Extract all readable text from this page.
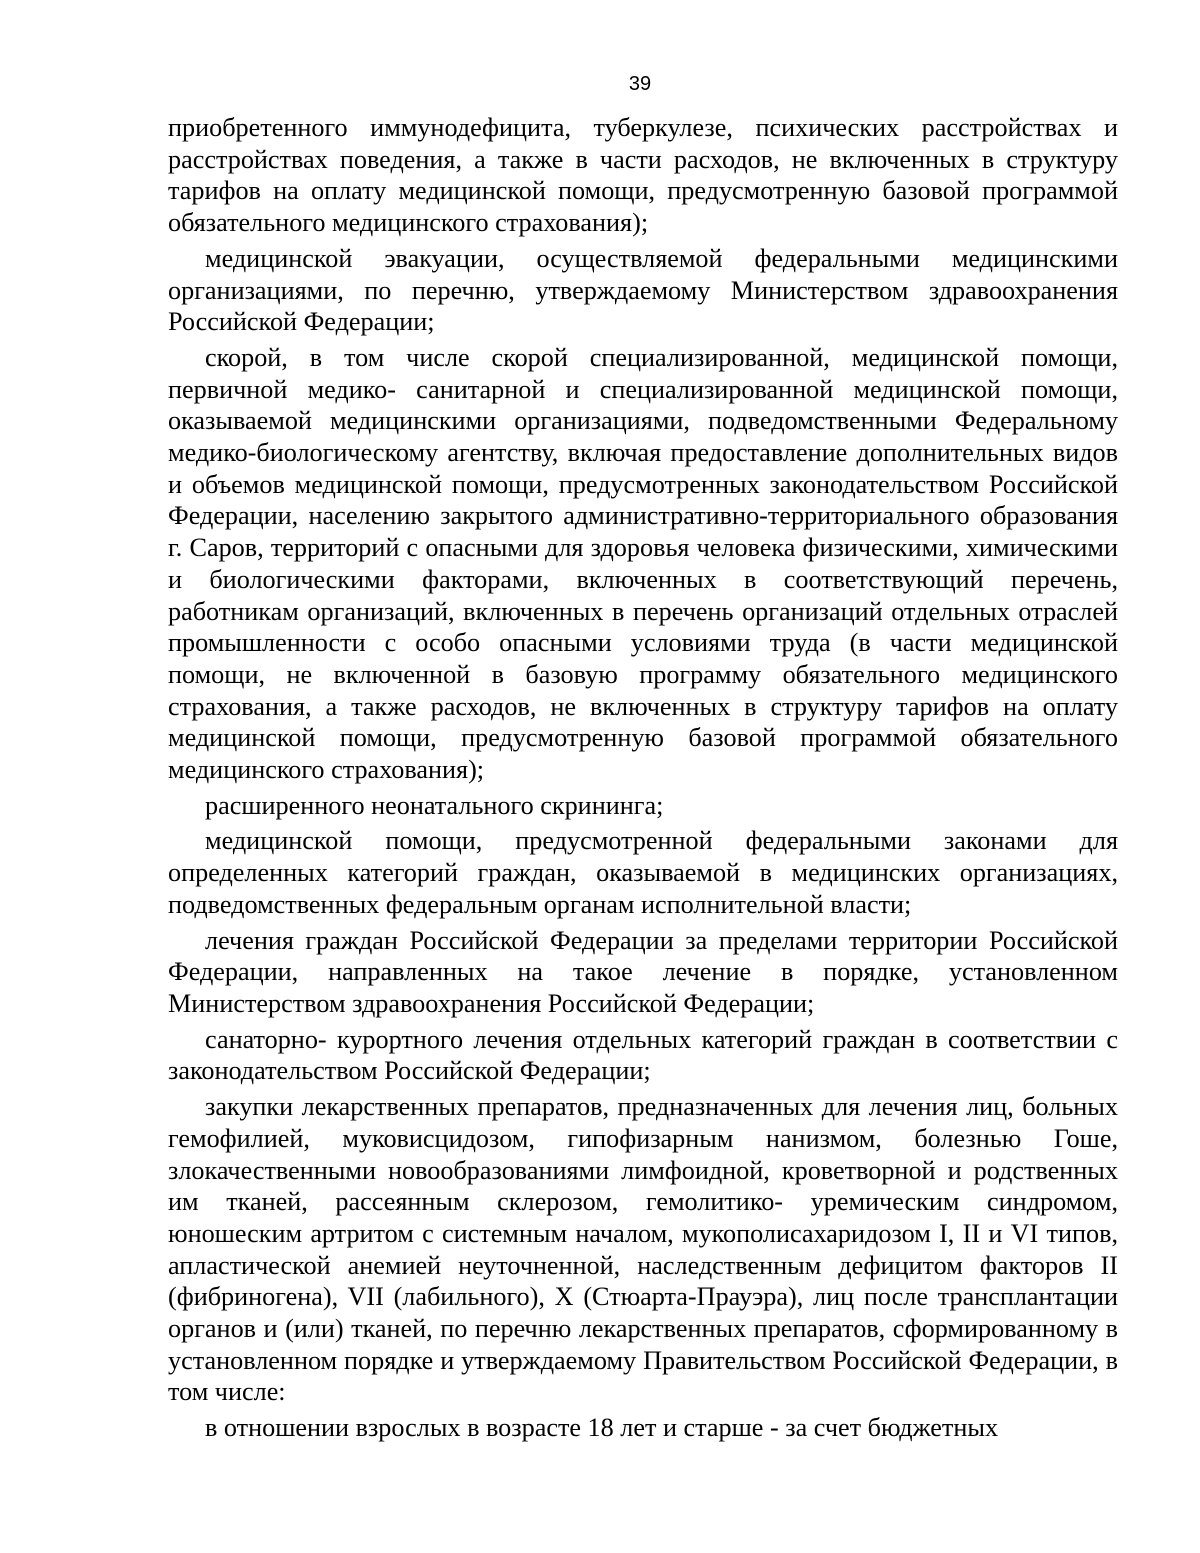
39

приобретенного иммунодефицита, туберкулезе, психических расстройствах и расстройствах поведения, а также в части расходов, не включенных в структуру тарифов на оплату медицинской помощи, предусмотренную базовой программой обязательного медицинского страхования);

медицинской эвакуации, осуществляемой федеральными медицинскими организациями, по перечню, утверждаемому Министерством здравоохранения Российской Федерации;

скорой, в том числе скорой специализированной, медицинской помощи, первичной медико- санитарной и специализированной медицинской помощи, оказываемой медицинскими организациями, подведомственными Федеральному медико-биологическому агентству, включая предоставление дополнительных видов и объемов медицинской помощи, предусмотренных законодательством Российской Федерации, населению закрытого административно-территориального образования г. Саров, территорий с опасными для здоровья человека физическими, химическими и биологическими факторами, включенных в соответствующий перечень, работникам организаций, включенных в перечень организаций отдельных отраслей промышленности с особо опасными условиями труда (в части медицинской помощи, не включенной в базовую программу обязательного медицинского страхования, а также расходов, не включенных в структуру тарифов на оплату медицинской помощи, предусмотренную базовой программой обязательного медицинского страхования);

расширенного неонатального скрининга;

медицинской помощи, предусмотренной федеральными законами для определенных категорий граждан, оказываемой в медицинских организациях, подведомственных федеральным органам исполнительной власти;

лечения граждан Российской Федерации за пределами территории Российской Федерации, направленных на такое лечение в порядке, установленном Министерством здравоохранения Российской Федерации;

санаторно- курортного лечения отдельных категорий граждан в соответствии с законодательством Российской Федерации;

закупки лекарственных препаратов, предназначенных для лечения лиц, больных гемофилией, муковисцидозом, гипофизарным нанизмом, болезнью Гоше, злокачественными новообразованиями лимфоидной, кроветворной и родственных им тканей, рассеянным склерозом, гемолитико- уремическим синдромом, юношеским артритом с системным началом, мукополисахаридозом I, II и VI типов, апластической анемией неуточненной, наследственным дефицитом факторов II (фибриногена), VII (лабильного), X (Стюарта-Прауэра), лиц после трансплантации органов и (или) тканей, по перечню лекарственных препаратов, сформированному в установленном порядке и утверждаемому Правительством Российской Федерации, в том числе:

в отношении взрослых в возрасте 18 лет и старше - за счет бюджетных
